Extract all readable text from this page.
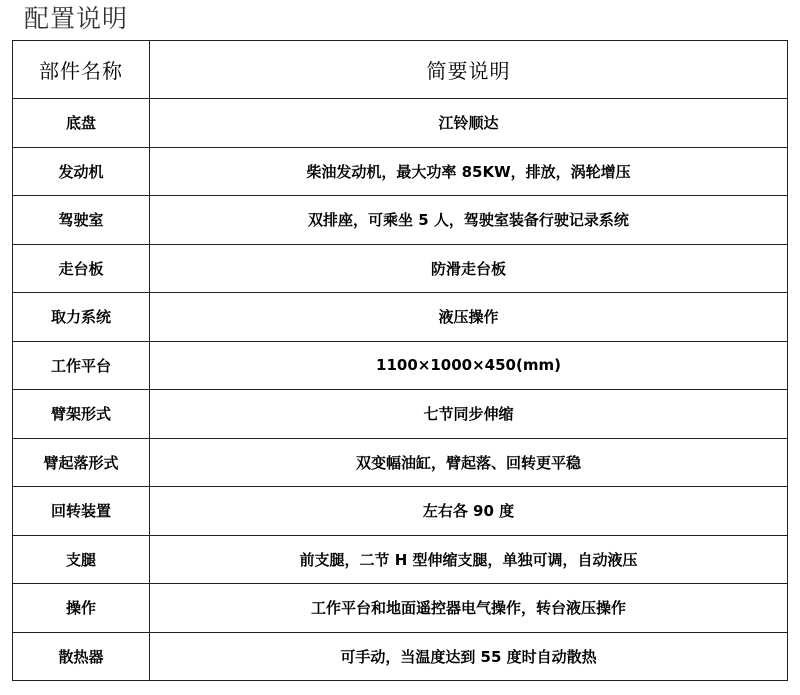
配置说明
部件名称	简要说明
底盘	江铃顺达
发动机	柴油发动机，最大功率 85KW，排放，涡轮增压
驾驶室	双排座，可乘坐 5 人，驾驶室装备行驶记录系统
走台板	防滑走台板
取力系统	液压操作
工作平台	1100×1000×450(mm)
臂架形式	七节同步伸缩
臂起落形式	双变幅油缸，臂起落、回转更平稳
回转装置	左右各 90 度
支腿	前支腿，二节 H 型伸缩支腿，单独可调，自动液压
操作	工作平台和地面遥控器电气操作，转台液压操作
散热器	可手动，当温度达到 55 度时自动散热
